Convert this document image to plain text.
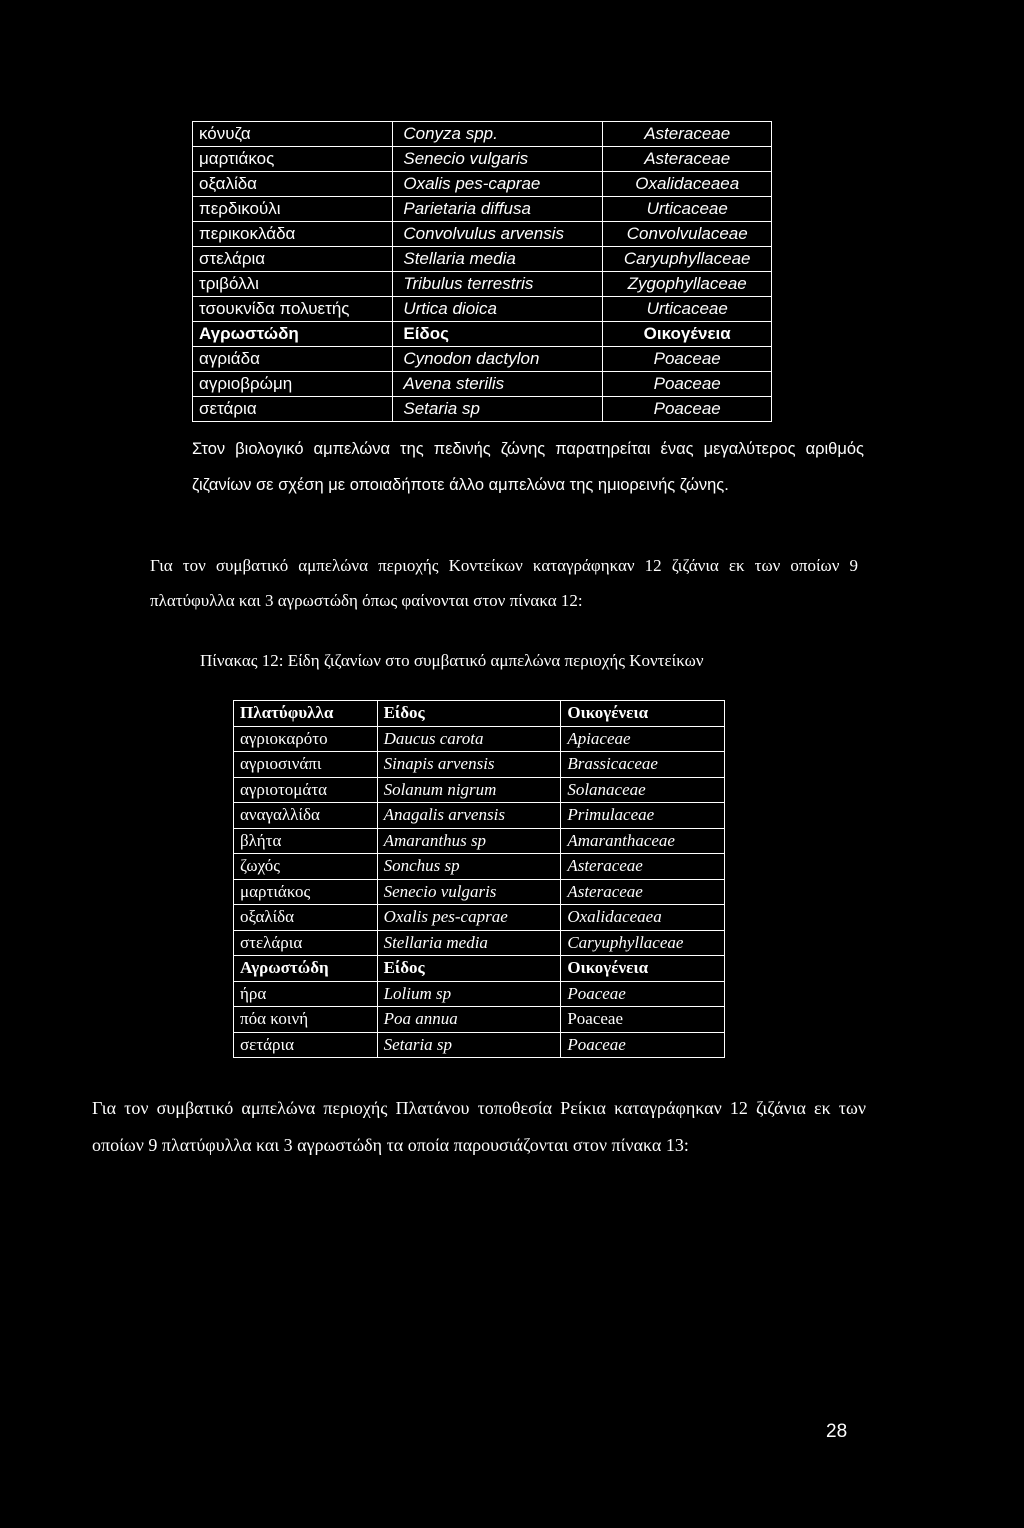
κόνυζα	Conyza spp.	Asteraceae
μαρτιάκος	Senecio vulgaris	Asteraceae
οξαλίδα	Oxalis pes-caprae	Oxalidaceaea
περδικούλι	Parietaria diffusa	Urticaceae
περικοκλάδα	Convolvulus arvensis	Convolvulaceae
στελάρια	Stellaria media	Caryuphyllaceae
τριβόλλι	Tribulus terrestris	Zygophyllaceae
τσουκνίδα πολυετής	Urtica dioica	Urticaceae
Αγρωστώδη	Είδος	Οικογένεια
αγριάδα	Cynodon dactylon	Poaceae
αγριοβρώμη	Avena sterilis	Poaceae
σετάρια	Setaria sp	Poaceae

Στον βιολογικό αμπελώνα της πεδινής ζώνης παρατηρείται ένας μεγαλύτερος αριθμός ζιζανίων σε σχέση με οποιαδήποτε άλλο αμπελώνα της ημιορεινής ζώνης.

Για τον συμβατικό αμπελώνα περιοχής Κοντείκων καταγράφηκαν 12 ζιζάνια εκ των οποίων 9 πλατύφυλλα και 3 αγρωστώδη όπως φαίνονται στον πίνακα 12:

Πίνακας 12: Είδη ζιζανίων στο συμβατικό αμπελώνα περιοχής Κοντείκων
Πλατύφυλλα	Είδος	Οικογένεια
αγριοκαρότο	Daucus carota	Apiaceae
αγριοσινάπι	Sinapis arvensis	Brassicaceae
αγριοτομάτα	Solanum nigrum	Solanaceae
αναγαλλίδα	Anagalis arvensis	Primulaceae
βλήτα	Amaranthus sp	Amaranthaceae
ζωχός	Sonchus sp	Asteraceae
μαρτιάκος	Senecio vulgaris	Asteraceae
οξαλίδα	Oxalis pes-caprae	Oxalidaceaea
στελάρια	Stellaria media	Caryuphyllaceae
Αγρωστώδη	Είδος	Οικογένεια
ήρα	Lolium sp	Poaceae
πόα κοινή	Poa annua	Poaceae
σετάρια	Setaria sp	Poaceae

Για τον συμβατικό αμπελώνα περιοχής Πλατάνου τοποθεσία Ρείκια καταγράφηκαν 12 ζιζάνια εκ των οποίων 9 πλατύφυλλα και 3 αγρωστώδη τα οποία παρουσιάζονται στον πίνακα 13:

28
